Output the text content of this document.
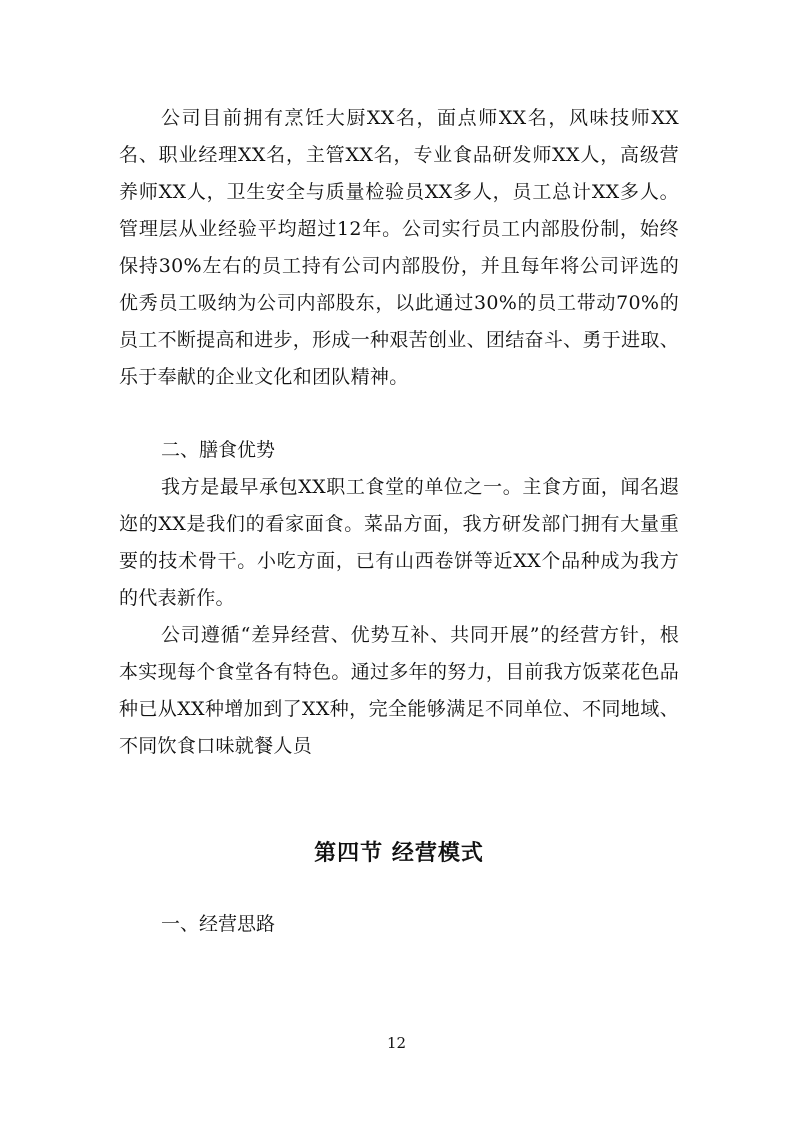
公司目前拥有烹饪大厨XX名，面点师XX名，风味技师XX名、职业经理XX名，主管XX名，专业食品研发师XX人，高级营养师XX人，卫生安全与质量检验员XX多人，员工总计XX多人。管理层从业经验平均超过12年。公司实行员工内部股份制，始终保持30%左右的员工持有公司内部股份，并且每年将公司评选的优秀员工吸纳为公司内部股东，以此通过30%的员工带动70%的员工不断提高和进步，形成一种艰苦创业、团结奋斗、勇于进取、乐于奉献的企业文化和团队精神。

二、膳食优势

我方是最早承包XX职工食堂的单位之一。主食方面，闻名遐迩的XX是我们的看家面食。菜品方面，我方研发部门拥有大量重要的技术骨干。小吃方面，已有山西卷饼等近XX个品种成为我方的代表新作。

公司遵循“差异经营、优势互补、共同开展”的经营方针，根本实现每个食堂各有特色。通过多年的努力，目前我方饭菜花色品种已从XX种增加到了XX种，完全能够满足不同单位、不同地域、不同饮食口味就餐人员

第四节 经营模式

一、经营思路

12
